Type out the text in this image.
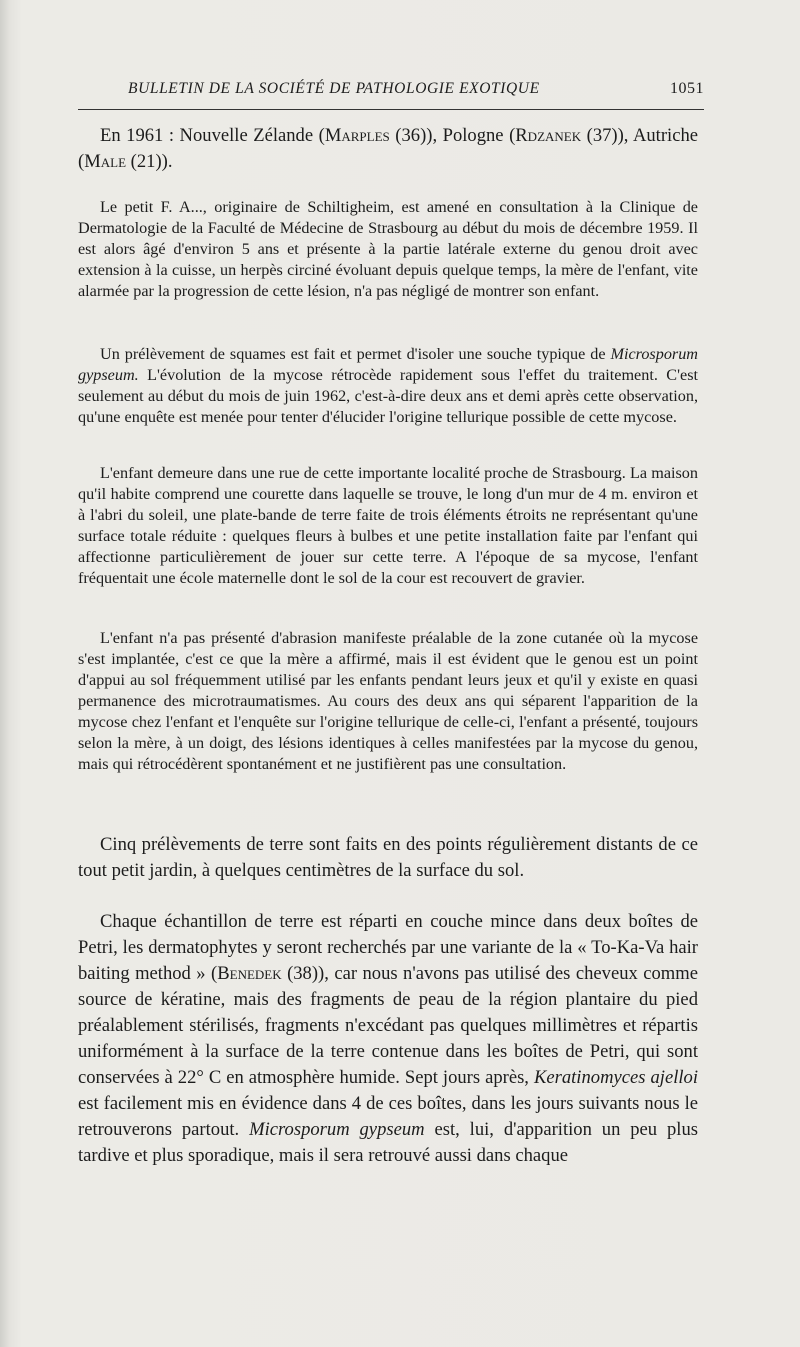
BULLETIN DE LA SOCIÉTÉ DE PATHOLOGIE EXOTIQUE	1051

En 1961 : Nouvelle Zélande (Marples (36)), Pologne (Rdzanek (37)), Autriche (Male (21)).

Le petit F. A..., originaire de Schiltigheim, est amené en consultation à la Clinique de Dermatologie de la Faculté de Médecine de Strasbourg au début du mois de décembre 1959. Il est alors âgé d'environ 5 ans et présente à la partie latérale externe du genou droit avec extension à la cuisse, un herpès circiné évoluant depuis quelque temps, la mère de l'enfant, vite alarmée par la progression de cette lésion, n'a pas négligé de montrer son enfant.

Un prélèvement de squames est fait et permet d'isoler une souche typique de Microsporum gypseum. L'évolution de la mycose rétrocède rapidement sous l'effet du traitement. C'est seulement au début du mois de juin 1962, c'est-à-dire deux ans et demi après cette observation, qu'une enquête est menée pour tenter d'élucider l'origine tellurique possible de cette mycose.

L'enfant demeure dans une rue de cette importante localité proche de Strasbourg. La maison qu'il habite comprend une courette dans laquelle se trouve, le long d'un mur de 4 m. environ et à l'abri du soleil, une plate-bande de terre faite de trois éléments étroits ne représentant qu'une surface totale réduite : quelques fleurs à bulbes et une petite installation faite par l'enfant qui affectionne particulièrement de jouer sur cette terre. A l'époque de sa mycose, l'enfant fréquentait une école maternelle dont le sol de la cour est recouvert de gravier.

L'enfant n'a pas présenté d'abrasion manifeste préalable de la zone cutanée où la mycose s'est implantée, c'est ce que la mère a affirmé, mais il est évident que le genou est un point d'appui au sol fréquemment utilisé par les enfants pendant leurs jeux et qu'il y existe en quasi permanence des microtraumatismes. Au cours des deux ans qui séparent l'apparition de la mycose chez l'enfant et l'enquête sur l'origine tellurique de celle-ci, l'enfant a présenté, toujours selon la mère, à un doigt, des lésions identiques à celles manifestées par la mycose du genou, mais qui rétrocédèrent spontanément et ne justifièrent pas une consultation.

Cinq prélèvements de terre sont faits en des points régulièrement distants de ce tout petit jardin, à quelques centimètres de la surface du sol.

Chaque échantillon de terre est réparti en couche mince dans deux boîtes de Petri, les dermatophytes y seront recherchés par une variante de la « To-Ka-Va hair baiting method » (Benedek (38)), car nous n'avons pas utilisé des cheveux comme source de kératine, mais des fragments de peau de la région plantaire du pied préalablement stérilisés, fragments n'excédant pas quelques millimètres et répartis uniformément à la surface de la terre contenue dans les boîtes de Petri, qui sont conservées à 22° C en atmosphère humide. Sept jours après, Keratinomyces ajelloi est facilement mis en évidence dans 4 de ces boîtes, dans les jours suivants nous le retrouverons partout. Microsporum gypseum est, lui, d'apparition un peu plus tardive et plus sporadique, mais il sera retrouvé aussi dans chaque
